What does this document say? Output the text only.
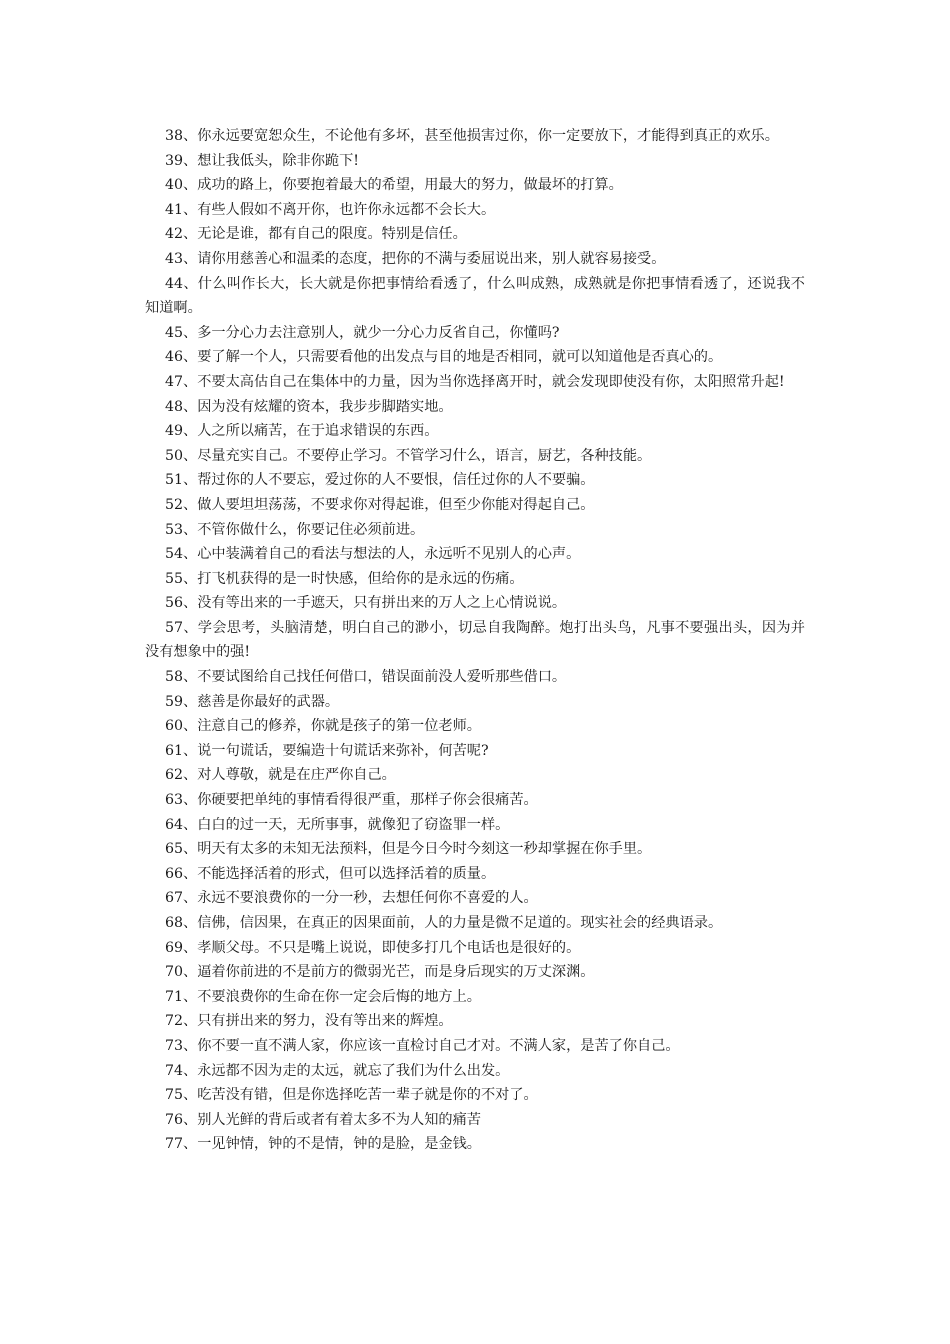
38、你永远要宽恕众生，不论他有多坏，甚至他损害过你，你一定要放下，才能得到真正的欢乐。

39、想让我低头，除非你跪下!

40、成功的路上，你要抱着最大的希望，用最大的努力，做最坏的打算。

41、有些人假如不离开你，也许你永远都不会长大。

42、无论是谁，都有自己的限度。特别是信任。

43、请你用慈善心和温柔的态度，把你的不满与委屈说出来，别人就容易接受。

44、什么叫作长大，长大就是你把事情给看透了，什么叫成熟，成熟就是你把事情看透了，还说我不知道啊。

45、多一分心力去注意别人，就少一分心力反省自己，你懂吗?

46、要了解一个人，只需要看他的出发点与目的地是否相同，就可以知道他是否真心的。

47、不要太高估自己在集体中的力量，因为当你选择离开时，就会发现即使没有你，太阳照常升起!

48、因为没有炫耀的资本，我步步脚踏实地。

49、人之所以痛苦，在于追求错误的东西。

50、尽量充实自己。不要停止学习。不管学习什么，语言，厨艺，各种技能。

51、帮过你的人不要忘，爱过你的人不要恨，信任过你的人不要骗。

52、做人要坦坦荡荡，不要求你对得起谁，但至少你能对得起自己。

53、不管你做什么，你要记住必须前进。

54、心中装满着自己的看法与想法的人，永远听不见别人的心声。

55、打飞机获得的是一时快感，但给你的是永远的伤痛。

56、没有等出来的一手遮天，只有拼出来的万人之上心情说说。

57、学会思考，头脑清楚，明白自己的渺小，切忌自我陶醉。炮打出头鸟，凡事不要强出头，因为并没有想象中的强!

58、不要试图给自己找任何借口，错误面前没人爱听那些借口。

59、慈善是你最好的武器。

60、注意自己的修养，你就是孩子的第一位老师。

61、说一句谎话，要编造十句谎话来弥补，何苦呢?

62、对人尊敬，就是在庄严你自己。

63、你硬要把单纯的事情看得很严重，那样子你会很痛苦。

64、白白的过一天，无所事事，就像犯了窃盗罪一样。

65、明天有太多的未知无法预料，但是今日今时今刻这一秒却掌握在你手里。

66、不能选择活着的形式，但可以选择活着的质量。

67、永远不要浪费你的一分一秒，去想任何你不喜爱的人。

68、信佛，信因果，在真正的因果面前，人的力量是微不足道的。现实社会的经典语录。

69、孝顺父母。不只是嘴上说说，即使多打几个电话也是很好的。

70、逼着你前进的不是前方的微弱光芒，而是身后现实的万丈深渊。

71、不要浪费你的生命在你一定会后悔的地方上。

72、只有拼出来的努力，没有等出来的辉煌。

73、你不要一直不满人家，你应该一直检讨自己才对。不满人家，是苦了你自己。

74、永远都不因为走的太远，就忘了我们为什么出发。

75、吃苦没有错，但是你选择吃苦一辈子就是你的不对了。

76、别人光鲜的背后或者有着太多不为人知的痛苦

77、一见钟情，钟的不是情，钟的是脸，是金钱。
